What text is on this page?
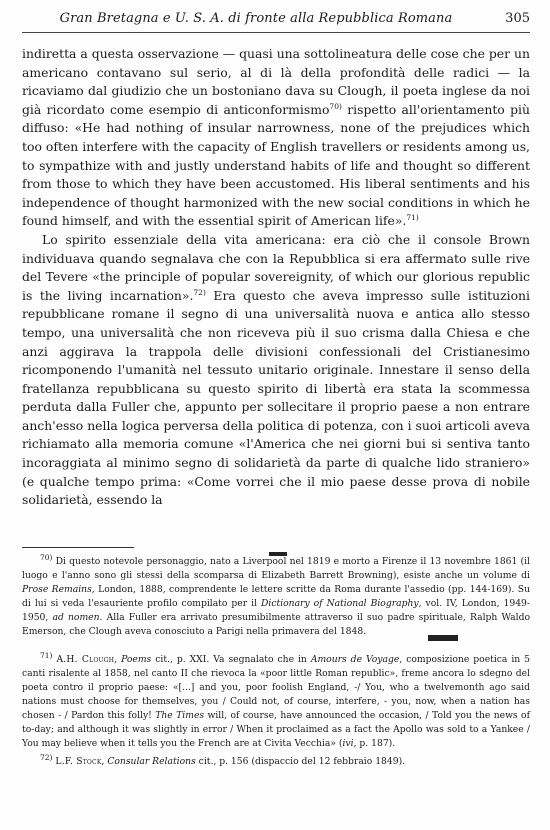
Gran Bretagna e U. S. A. di fronte alla Repubblica Romana	305

indiretta a questa osservazione — quasi una sottolineatura delle cose che per un americano contavano sul serio, al di là della profondità delle radici — la ricaviamo dal giudizio che un bostoniano dava su Clough, il poeta inglese da noi già ricordato come esempio di anticonformismo$^{70)}$ rispetto all'orientamento più diffuso: «He had nothing of insular narrowness, none of the prejudices which too often interfere with the capacity of English travellers or residents among us, to sympathize with and justly understand habits of life and thought so different from those to which they have been accustomed. His liberal sentiments and his independence of thought harmonized with the new social conditions in which he found himself, and with the essential spirit of American life».$^{71)}$

Lo spirito essenziale della vita americana: era ciò che il console Brown individuava quando segnalava che con la Repubblica si era affermato sulle rive del Tevere «the principle of popular sovereignity, of which our glorious republic is the living incarnation».$^{72)}$ Era questo che aveva impresso sulle istituzioni repubblicane romane il segno di una universalità nuova e antica allo stesso tempo, una universalità che non riceveva più il suo crisma dalla Chiesa e che anzi aggirava la trappola delle divisioni confessionali del Cristianesimo ricomponendo l'umanità nel tessuto unitario originale. Innestare il senso della fratellanza repubblicana su questo spirito di libertà era stata la scommessa perduta dalla Fuller che, appunto per sollecitare il proprio paese a non entrare anch'esso nella logica perversa della politica di potenza, con i suoi articoli aveva richiamato alla memoria comune «l'America che nei giorni bui si sentiva tanto incoraggiata al minimo segno di solidarietà da parte di qualche lido straniero» (e qualche tempo prima: «Come vorrei che il mio paese desse prova di nobile solidarietà, essendo la

$^{70)}$ Di questo notevole personaggio, nato a Liverpool nel 1819 e morto a Firenze il 13 novembre 1861 (il luogo e l'anno sono gli stessi della scomparsa di Elizabeth Barrett Browning), esiste anche un volume di Prose Remains, London, 1888, comprendente le lettere scritte da Roma durante l'assedio (pp. 144-169). Su di lui si veda l'esauriente profilo compilato per il Dictionary of National Biography, vol. IV, London, 1949-1950, ad nomen. Alla Fuller era arrivato presumibilmente attraverso il suo padre spirituale, Ralph Waldo Emerson, che Clough aveva conosciuto a Parigi nella primavera del 1848.

$^{71)}$ A.H. Clough, Poems cit., p. XXI. Va segnalato che in Amours de Voyage, composizione poetica in 5 canti risalente al 1858, nel canto II che rievoca la «poor little Roman republic», freme ancora lo sdegno del poeta contro il proprio paese: «[...] and you, poor foolish England, -/ You, who a twelvemonth ago said nations must choose for themselves, you / Could not, of course, interfere, - you, now, when a nation has chosen - / Pardon this folly! The Times will, of course, have announced the occasion, / Told you the news of to-day; and although it was slightly in error / When it proclaimed as a fact the Apollo was sold to a Yankee / You may believe when it tells you the French are at Civita Vecchia» (ivi, p. 187).

$^{72)}$ L.F. Stock, Consular Relations cit., p. 156 (dispaccio del 12 febbraio 1849).
